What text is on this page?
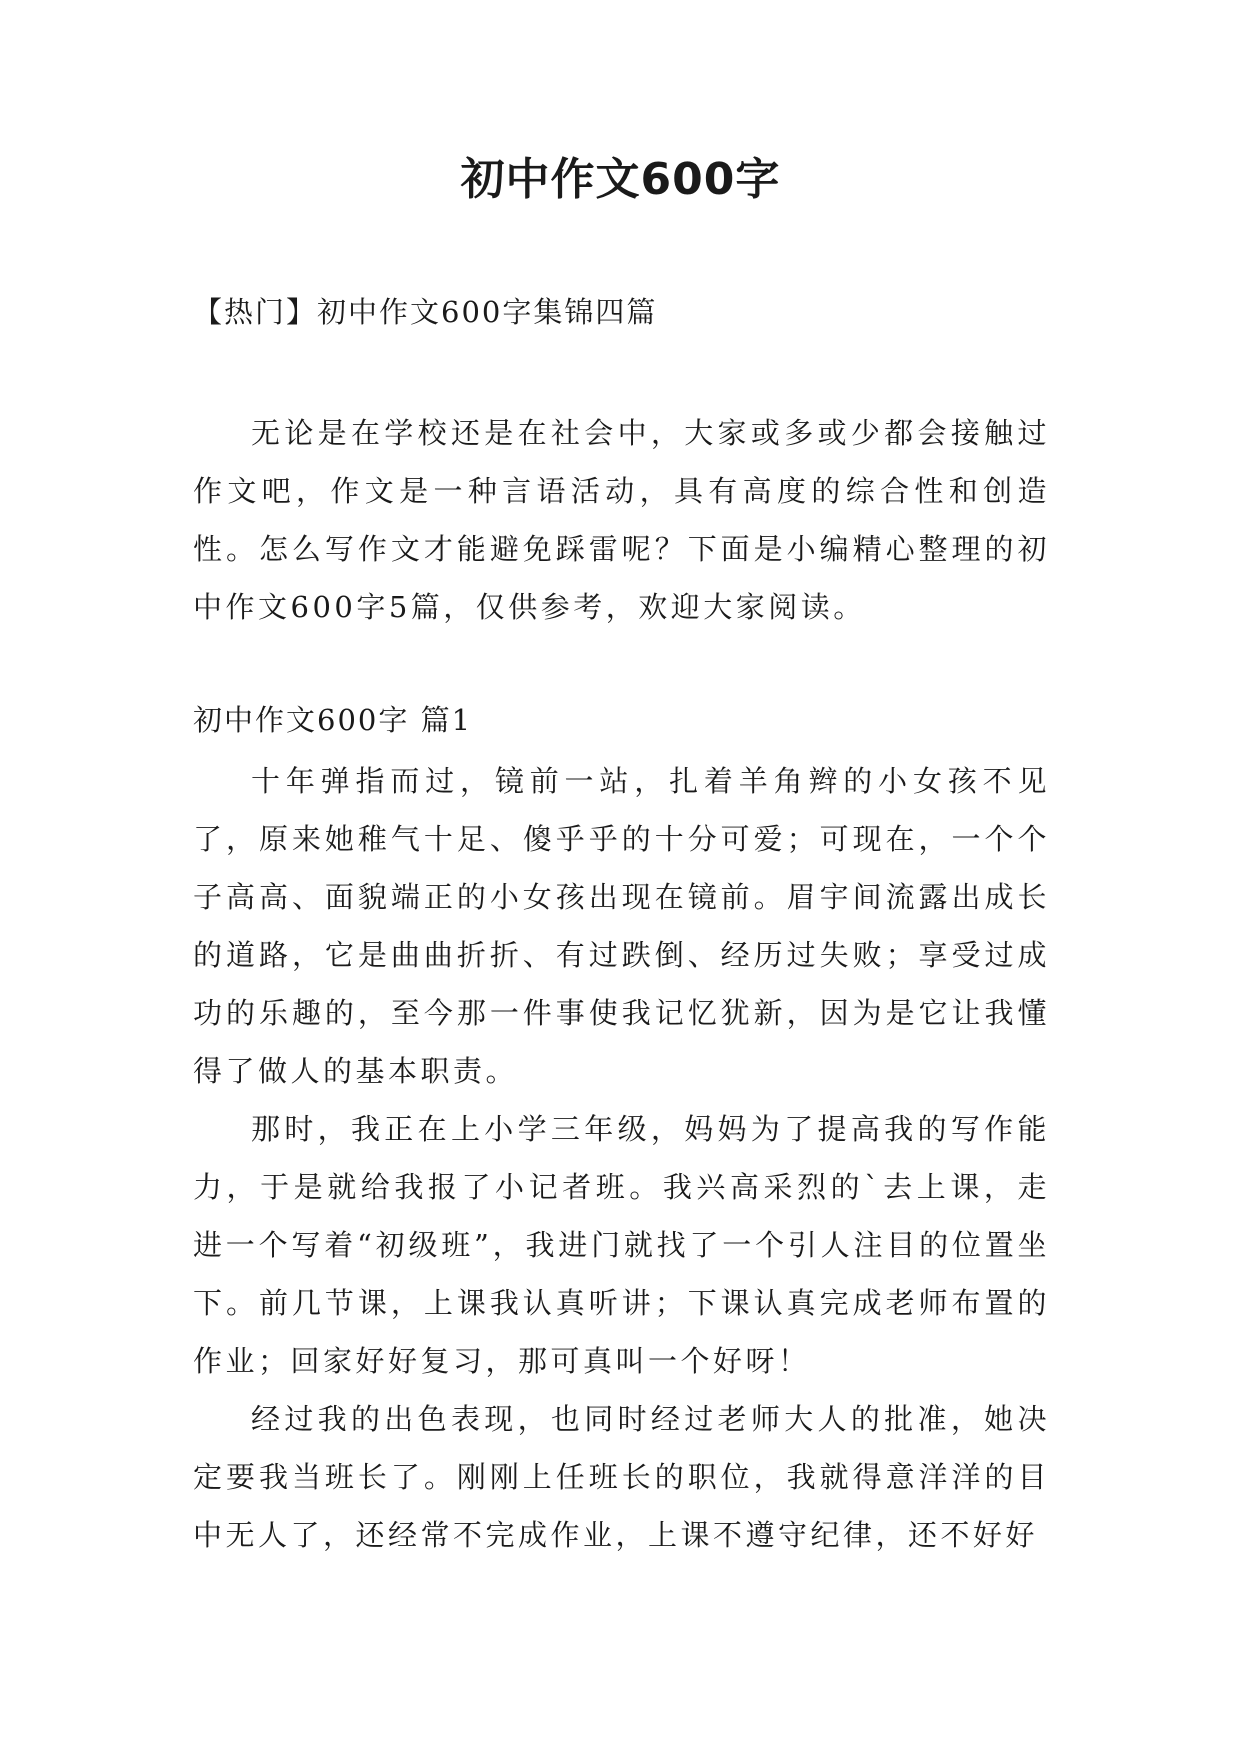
初中作文600字

【热门】初中作文600字集锦四篇

无论是在学校还是在社会中，大家或多或少都会接触过作文吧，作文是一种言语活动，具有高度的综合性和创造性。怎么写作文才能避免踩雷呢？下面是小编精心整理的初中作文600字5篇，仅供参考，欢迎大家阅读。

初中作文600字 篇1

十年弹指而过，镜前一站，扎着羊角辫的小女孩不见了，原来她稚气十足、傻乎乎的十分可爱；可现在，一个个子高高、面貌端正的小女孩出现在镜前。眉宇间流露出成长的道路，它是曲曲折折、有过跌倒、经历过失败；享受过成功的乐趣的，至今那一件事使我记忆犹新，因为是它让我懂得了做人的基本职责。

那时，我正在上小学三年级，妈妈为了提高我的写作能力，于是就给我报了小记者班。我兴高采烈的`去上课，走进一个写着“初级班”，我进门就找了一个引人注目的位置坐下。前几节课，上课我认真听讲；下课认真完成老师布置的作业；回家好好复习，那可真叫一个好呀！

经过我的出色表现，也同时经过老师大人的批准，她决定要我当班长了。刚刚上任班长的职位，我就得意洋洋的目中无人了，还经常不完成作业，上课不遵守纪律，还不好好
